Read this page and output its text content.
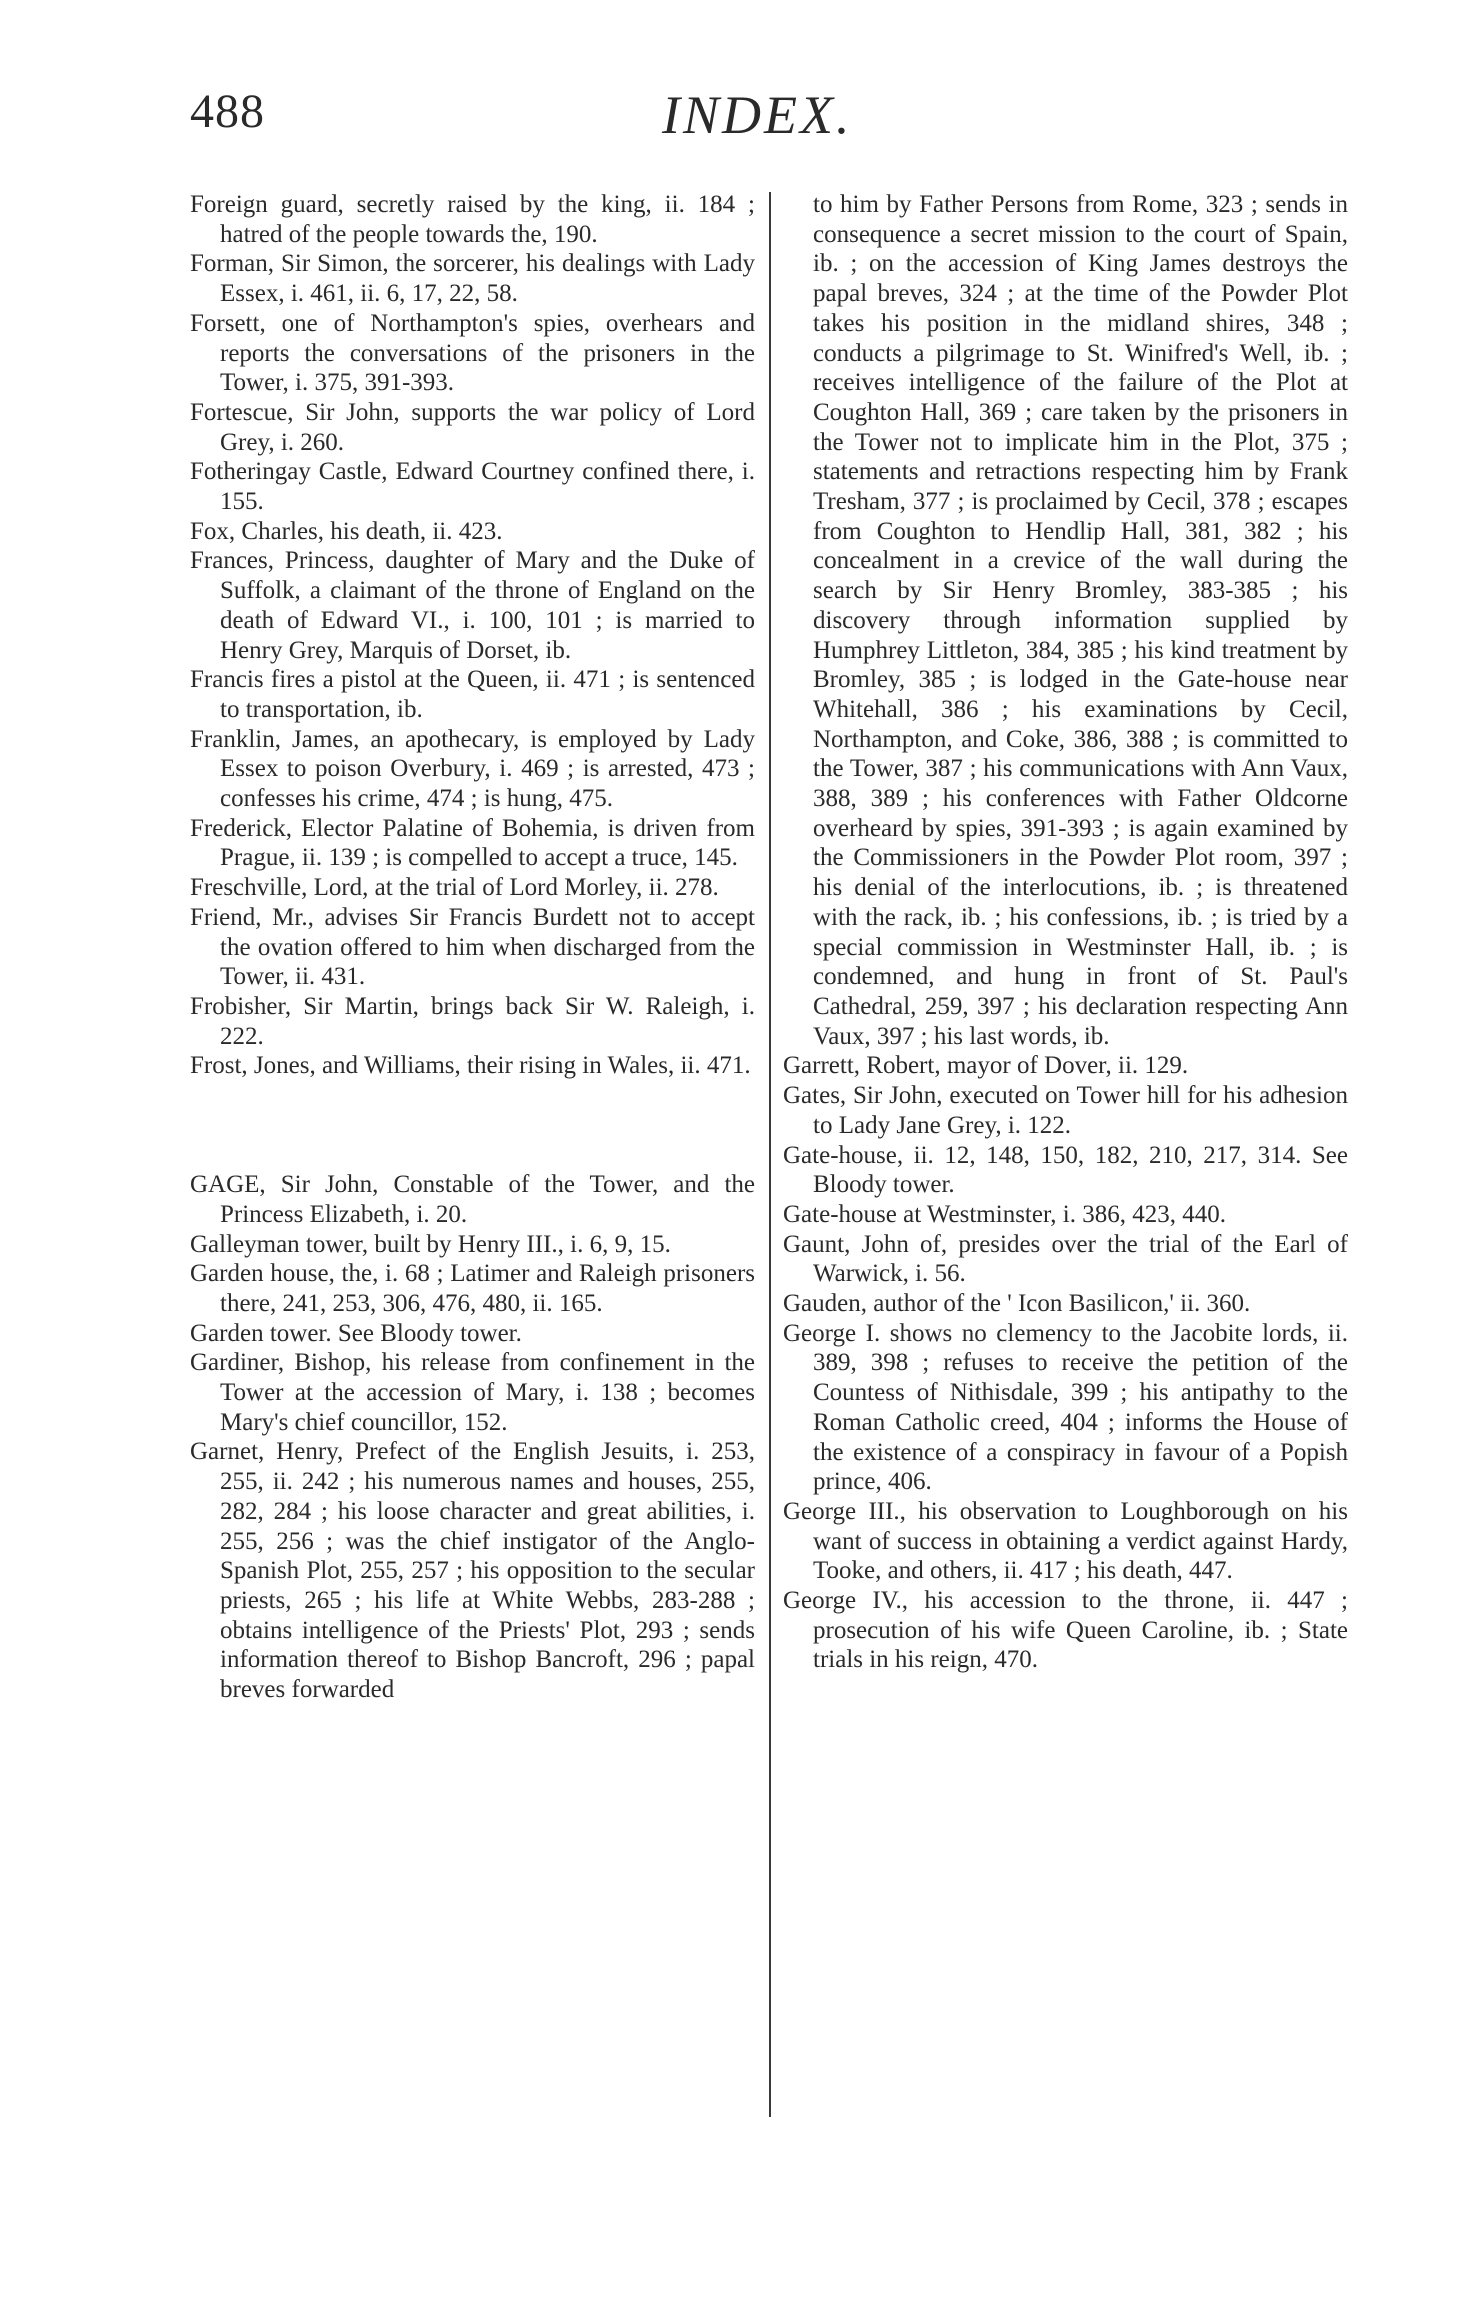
488	INDEX.

Foreign guard, secretly raised by the king, ii. 184 ; hatred of the people towards the, 190.

Forman, Sir Simon, the sorcerer, his dealings with Lady Essex, i. 461, ii. 6, 17, 22, 58.

Forsett, one of Northampton's spies, overhears and reports the conversations of the prisoners in the Tower, i. 375, 391-393.

Fortescue, Sir John, supports the war policy of Lord Grey, i. 260.

Fotheringay Castle, Edward Courtney confined there, i. 155.

Fox, Charles, his death, ii. 423.

Frances, Princess, daughter of Mary and the Duke of Suffolk, a claimant of the throne of England on the death of Edward VI., i. 100, 101 ; is married to Henry Grey, Marquis of Dorset, ib.

Francis fires a pistol at the Queen, ii. 471 ; is sentenced to transportation, ib.

Franklin, James, an apothecary, is employed by Lady Essex to poison Overbury, i. 469 ; is arrested, 473 ; confesses his crime, 474 ; is hung, 475.

Frederick, Elector Palatine of Bohemia, is driven from Prague, ii. 139 ; is compelled to accept a truce, 145.

Freschville, Lord, at the trial of Lord Morley, ii. 278.

Friend, Mr., advises Sir Francis Burdett not to accept the ovation offered to him when discharged from the Tower, ii. 431.

Frobisher, Sir Martin, brings back Sir W. Raleigh, i. 222.

Frost, Jones, and Williams, their rising in Wales, ii. 471.

GAGE, Sir John, Constable of the Tower, and the Princess Elizabeth, i. 20.

Galleyman tower, built by Henry III., i. 6, 9, 15.

Garden house, the, i. 68 ; Latimer and Raleigh prisoners there, 241, 253, 306, 476, 480, ii. 165.

Garden tower. See Bloody tower.

Gardiner, Bishop, his release from confinement in the Tower at the accession of Mary, i. 138 ; becomes Mary's chief councillor, 152.

Garnet, Henry, Prefect of the English Jesuits, i. 253, 255, ii. 242 ; his numerous names and houses, 255, 282, 284 ; his loose character and great abilities, i. 255, 256 ; was the chief instigator of the Anglo-Spanish Plot, 255, 257 ; his opposition to the secular priests, 265 ; his life at White Webbs, 283-288 ; obtains intelligence of the Priests' Plot, 293 ; sends information thereof to Bishop Bancroft, 296 ; papal breves forwarded

to him by Father Persons from Rome, 323 ; sends in consequence a secret mission to the court of Spain, ib. ; on the accession of King James destroys the papal breves, 324 ; at the time of the Powder Plot takes his position in the midland shires, 348 ; conducts a pilgrimage to St. Winifred's Well, ib. ; receives intelligence of the failure of the Plot at Coughton Hall, 369 ; care taken by the prisoners in the Tower not to implicate him in the Plot, 375 ; statements and retractions respecting him by Frank Tresham, 377 ; is proclaimed by Cecil, 378 ; escapes from Coughton to Hendlip Hall, 381, 382 ; his concealment in a crevice of the wall during the search by Sir Henry Bromley, 383-385 ; his discovery through information supplied by Humphrey Littleton, 384, 385 ; his kind treatment by Bromley, 385 ; is lodged in the Gate-house near Whitehall, 386 ; his examinations by Cecil, Northampton, and Coke, 386, 388 ; is committed to the Tower, 387 ; his communications with Ann Vaux, 388, 389 ; his conferences with Father Oldcorne overheard by spies, 391-393 ; is again examined by the Commissioners in the Powder Plot room, 397 ; his denial of the interlocutions, ib. ; is threatened with the rack, ib. ; his confessions, ib. ; is tried by a special commission in Westminster Hall, ib. ; is condemned, and hung in front of St. Paul's Cathedral, 259, 397 ; his declaration respecting Ann Vaux, 397 ; his last words, ib.

Garrett, Robert, mayor of Dover, ii. 129.

Gates, Sir John, executed on Tower hill for his adhesion to Lady Jane Grey, i. 122.

Gate-house, ii. 12, 148, 150, 182, 210, 217, 314. See Bloody tower.

Gate-house at Westminster, i. 386, 423, 440.

Gaunt, John of, presides over the trial of the Earl of Warwick, i. 56.

Gauden, author of the ' Icon Basilicon,' ii. 360.

George I. shows no clemency to the Jacobite lords, ii. 389, 398 ; refuses to receive the petition of the Countess of Nithisdale, 399 ; his antipathy to the Roman Catholic creed, 404 ; informs the House of the existence of a conspiracy in favour of a Popish prince, 406.

George III., his observation to Loughborough on his want of success in obtaining a verdict against Hardy, Tooke, and others, ii. 417 ; his death, 447.

George IV., his accession to the throne, ii. 447 ; prosecution of his wife Queen Caroline, ib. ; State trials in his reign, 470.
